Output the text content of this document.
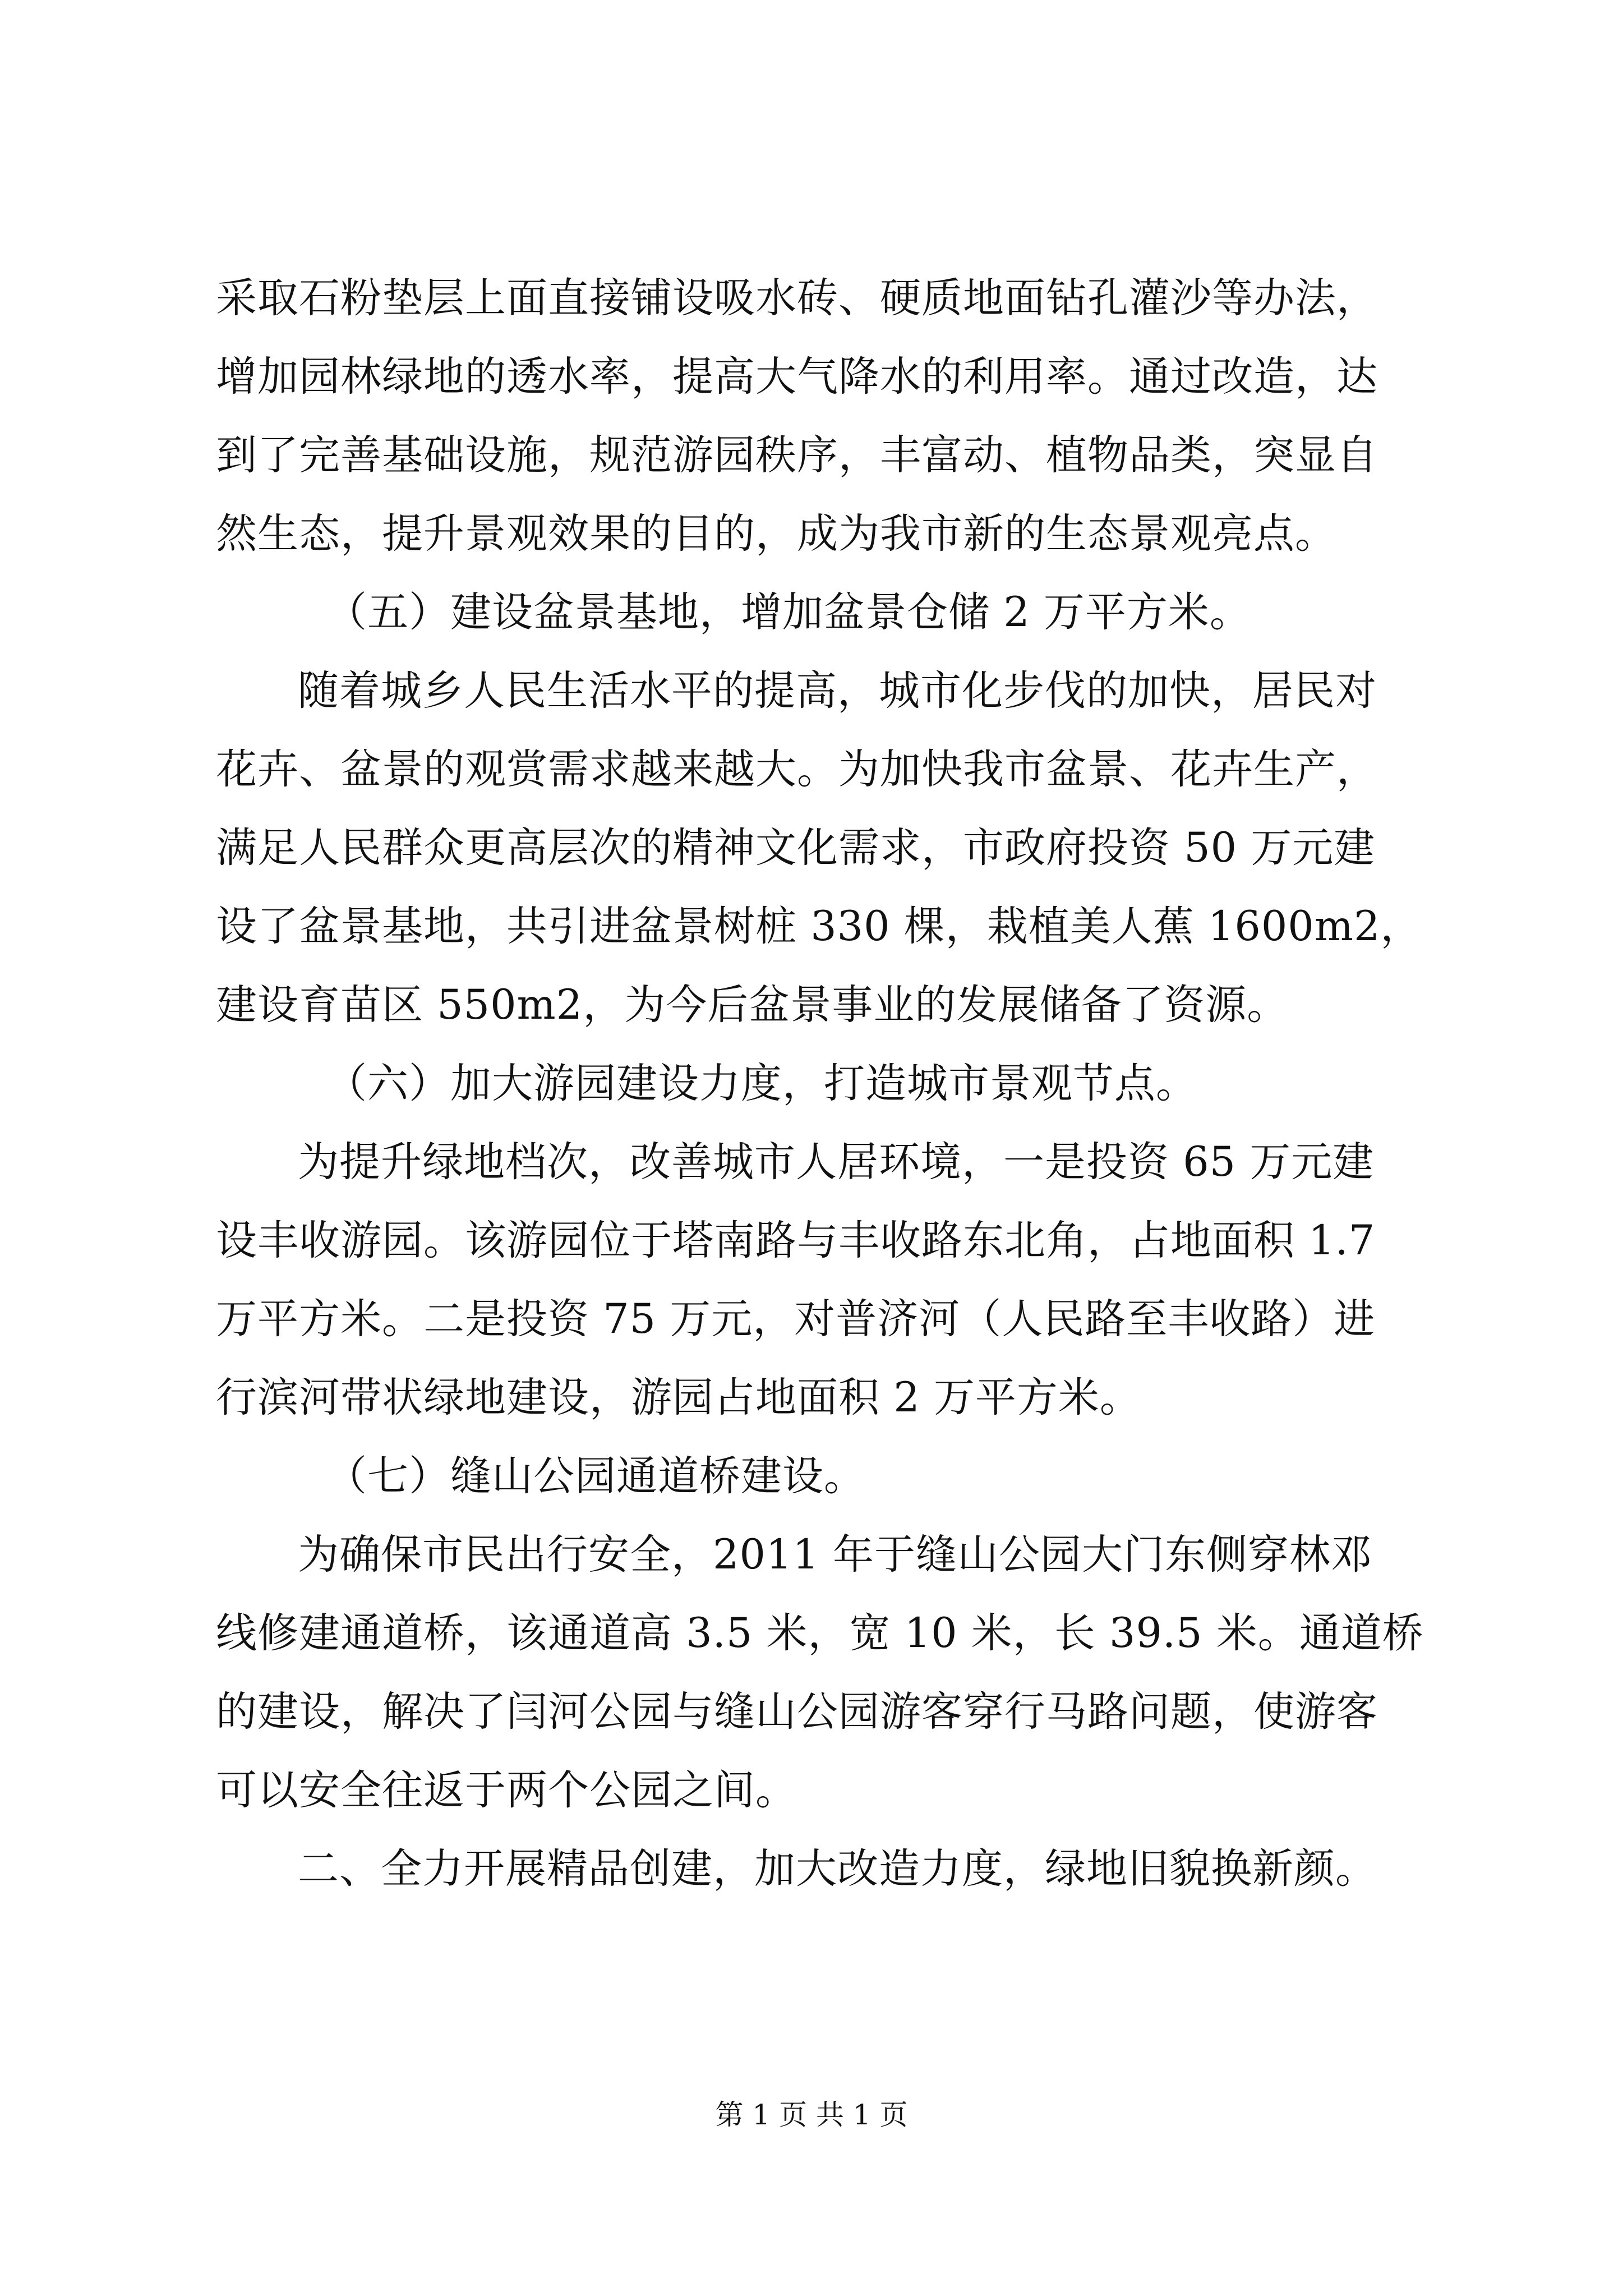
采取石粉垫层上面直接铺设吸水砖、硬质地面钻孔灌沙等办法，
增加园林绿地的透水率，提高大气降水的利用率。通过改造，达
到了完善基础设施，规范游园秩序，丰富动、植物品类，突显自
然生态，提升景观效果的目的，成为我市新的生态景观亮点。
（五）建设盆景基地，增加盆景仓储 2 万平方米。
随着城乡人民生活水平的提高，城市化步伐的加快，居民对
花卉、盆景的观赏需求越来越大。为加快我市盆景、花卉生产，
满足人民群众更高层次的精神文化需求，市政府投资 50 万元建
设了盆景基地，共引进盆景树桩 330 棵，栽植美人蕉 1600m2，
建设育苗区 550m2，为今后盆景事业的发展储备了资源。
（六）加大游园建设力度，打造城市景观节点。
为提升绿地档次，改善城市人居环境，一是投资 65 万元建
设丰收游园。该游园位于塔南路与丰收路东北角，占地面积 1.7
万平方米。二是投资 75 万元，对普济河（人民路至丰收路）进
行滨河带状绿地建设，游园占地面积 2 万平方米。
（七）缝山公园通道桥建设。
为确保市民出行安全，2011 年于缝山公园大门东侧穿林邓
线修建通道桥，该通道高 3.5 米，宽 10 米，长 39.5 米。通道桥
的建设，解决了闫河公园与缝山公园游客穿行马路问题，使游客
可以安全往返于两个公园之间。
二、全力开展精品创建，加大改造力度，绿地旧貌换新颜。
第 1 页 共 1 页
